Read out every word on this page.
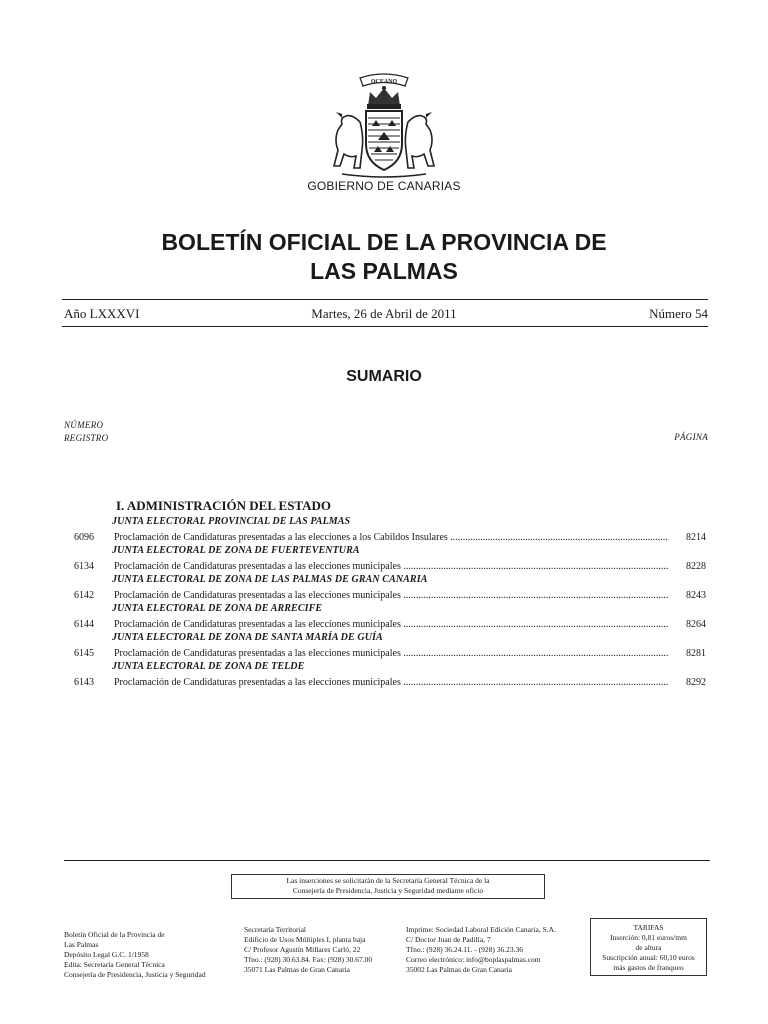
OCEANO
GOBIERNO DE CANARIAS
BOLETÍN OFICIAL DE LA PROVINCIA DE
LAS PALMAS
Año LXXXVI	Martes, 26 de Abril de 2011	Número 54
SUMARIO
NÚMERO
REGISTRO	PÁGINA
I. ADMINISTRACIÓN DEL ESTADO
JUNTA ELECTORAL PROVINCIAL DE LAS PALMAS
6096 Proclamación de Candidaturas presentadas a las elecciones a los Cabildos Insulares .....	8214
JUNTA ELECTORAL DE ZONA DE FUERTEVENTURA
6134 Proclamación de Candidaturas presentadas a las elecciones municipales .....	8228
JUNTA ELECTORAL DE ZONA DE LAS PALMAS DE GRAN CANARIA
6142 Proclamación de Candidaturas presentadas a las elecciones municipales .....	8243
JUNTA ELECTORAL DE ZONA DE ARRECIFE
6144 Proclamación de Candidaturas presentadas a las elecciones municipales .....	8264
JUNTA ELECTORAL DE ZONA DE SANTA MARÍA DE GUÍA
6145 Proclamación de Candidaturas presentadas a las elecciones municipales .....	8281
JUNTA ELECTORAL DE ZONA DE TELDE
6143 Proclamación de Candidaturas presentadas a las elecciones municipales .....	8292
Las inserciones se solicitarán de la Secretaría General Técnica de la
Consejería de Presidencia, Justicia y Seguridad mediante oficio
Boletín Oficial de la Provincia de
Las Palmas
Depósito Legal G.C. 1/1958
Edita: Secretaría General Técnica
Consejería de Presidencia, Justicia y Seguridad
Secretaría Territorial
Edificio de Usos Múltiples I, planta baja
C/ Profesor Agustín Millares Carló, 22
Tfno.: (928) 30.63.84. Fax: (928) 30.67.00
35071 Las Palmas de Gran Canaria
Imprime: Sociedad Laboral Edición Canaria, S.A.
C/ Doctor Juan de Padilla, 7
Tfno.: (928) 36.24.11. - (928) 36.23.36
Correo electrónico: info@boplaspalmas.com
35002 Las Palmas de Gran Canaria
TARIFAS
Inserción: 0,81 euros/mm
de altura
Suscripción anual: 60,10 euros
más gastos de franqueo
